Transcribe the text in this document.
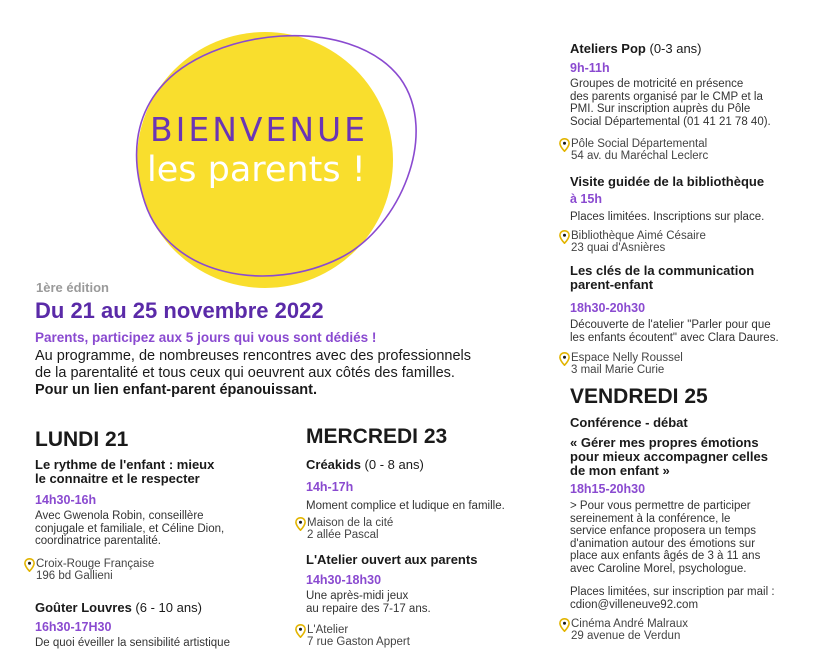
BIENVENUE
les parents !
1ère édition
Du 21 au 25 novembre 2022
Parents, participez aux 5 jours qui vous sont dédiés !
Au programme, de nombreuses rencontres avec des professionnels
de la parentalité et tous ceux qui oeuvrent aux côtés des familles.
Pour un lien enfant-parent épanouissant.
LUNDI 21
Le rythme de l'enfant : mieux
le connaitre et le respecter
14h30-16h
Avec Gwenola Robin, conseillère
conjugale et familiale, et Céline Dion,
coordinatrice parentalité.
Croix-Rouge Française
196 bd Gallieni
Goûter Louvres (6 - 10 ans)
16h30-17H30
De quoi éveiller la sensibilité artistique
MERCREDI 23
Créakids (0 - 8 ans)
14h-17h
Moment complice et ludique en famille.
Maison de la cité
2 allée Pascal
L'Atelier ouvert aux parents
14h30-18h30
Une après-midi jeux
au repaire des 7-17 ans.
L'Atelier
7 rue Gaston Appert
Ateliers Pop (0-3 ans)
9h-11h
Groupes de motricité en présence
des parents organisé par le CMP et la
PMI. Sur inscription auprès du Pôle
Social Départemental (01 41 21 78 40).
Pôle Social Départemental
54 av. du Maréchal Leclerc
Visite guidée de la bibliothèque
à 15h
Places limitées. Inscriptions sur place.
Bibliothèque Aimé Césaire
23 quai d'Asnières
Les clés de la communication
parent-enfant
18h30-20h30
Découverte de l'atelier "Parler pour que
les enfants écoutent" avec Clara Daures.
Espace Nelly Roussel
3 mail Marie Curie
VENDREDI 25
Conférence - débat
« Gérer mes propres émotions
pour mieux accompagner celles
de mon enfant »
18h15-20h30
> Pour vous permettre de participer
sereinement à la conférence, le
service enfance proposera un temps
d'animation autour des émotions sur
place aux enfants âgés de 3 à 11 ans
avec Caroline Morel, psychologue.
Places limitées, sur inscription par mail :
cdion@villeneuve92.com
Cinéma André Malraux
29 avenue de Verdun
